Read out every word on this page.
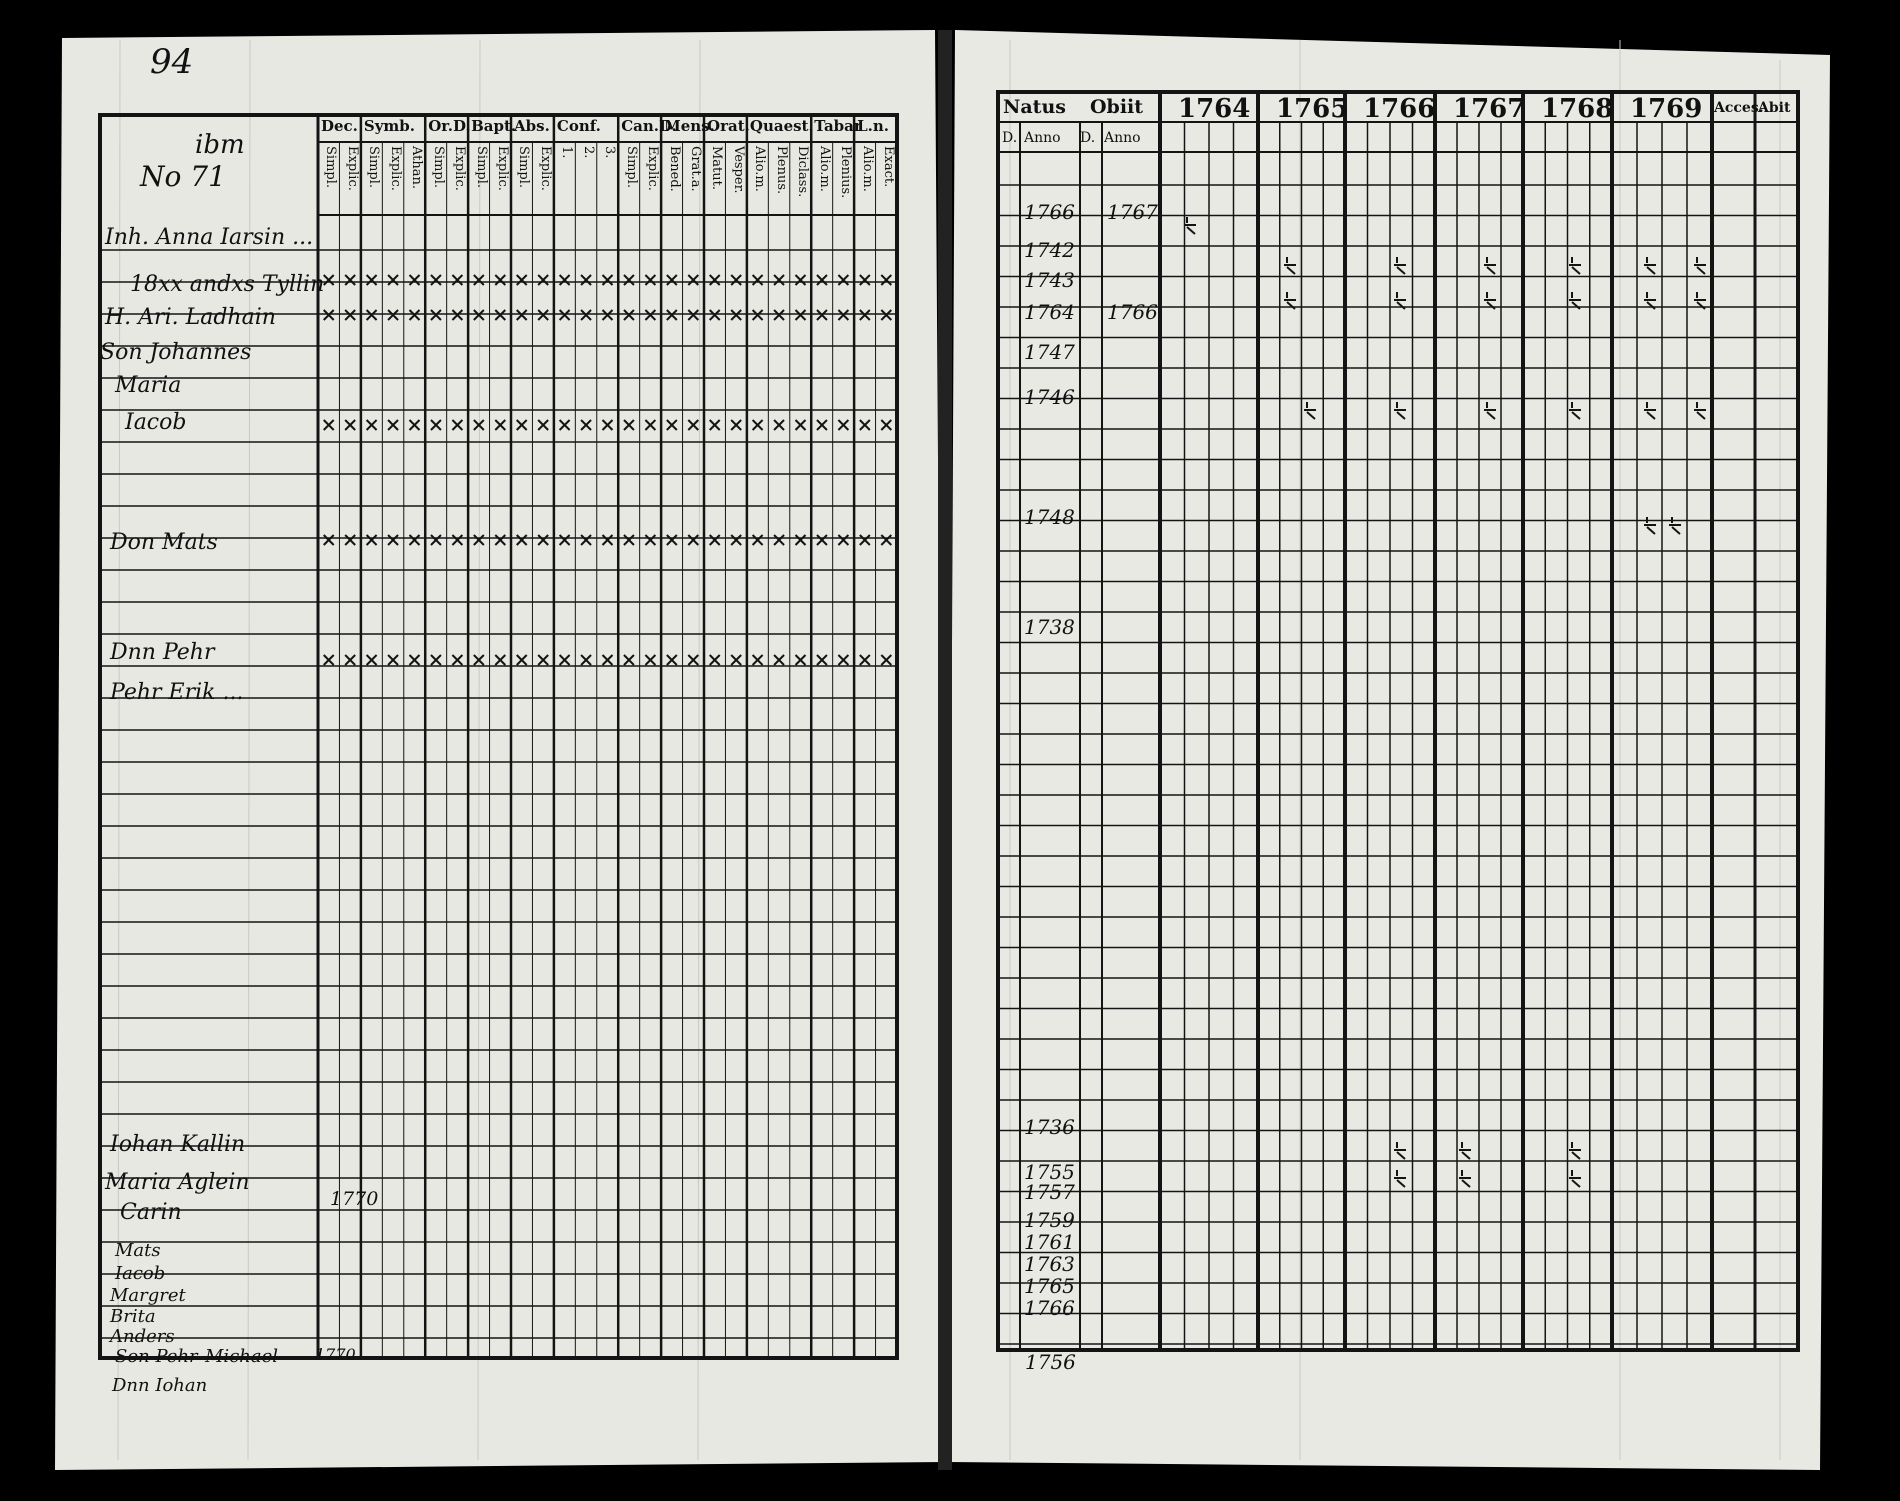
94
ibm
No 71
Dec.
Simpl. Explic.
Symb.
Simpl. Explic. Athan.
Or.D.
Simpl. Explic.
Bapt.
Simpl. Explic.
Abs.
Simpl. Explic.
Conf.
1. 2. 3.
Can.D.
Simpl. Explic.
Mens.
Bened. Grat.a.
Orat.
Matut. Vesper.
Quaest.
Alio.m. Plenus. Diclass.
Tabar
Alio.m. Plenius.
L.n.
Alio.m. Exact.
Inh. Anna Iarsin ...
18xx andxs Tyllin
H. Ari. Ladhain
Son Johannes
Maria
Iacob
Don Mats
Dnn Pehr
Pehr Erik ...
Iohan Kallin
Maria Aglein
Carin
Mats
Iacob
Margret
Brita
Anders
Son Pehr Michael
Dnn Iohan
1770
1770
Natus Obiit
D. Anno D. Anno
1764 1765 1766 1767 1768 1769 Acces.
Abit
1766
1742
1743
1764
1747
1746
1748
1738
1736
1755
1757
1759
1761
1763
1765
1766
1767
1766
1756
